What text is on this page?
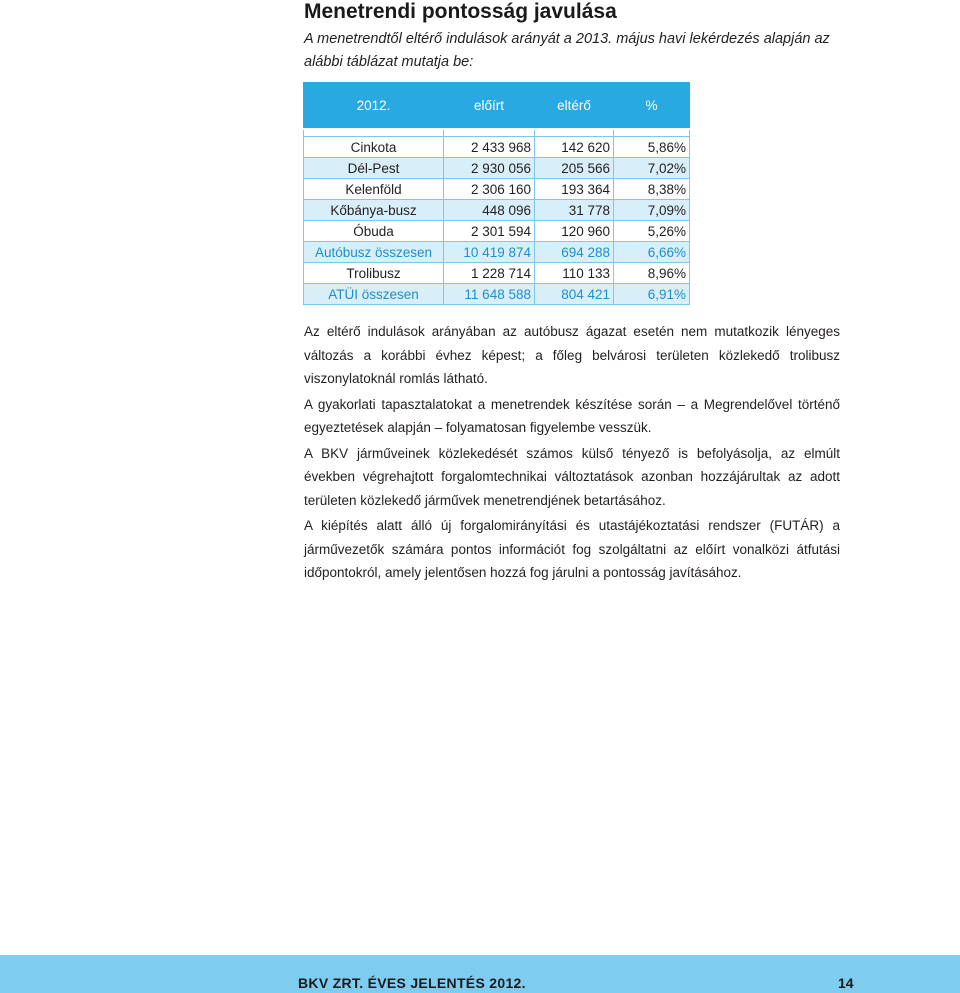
Menetrendi pontosság javulása

A menetrendtől eltérő indulások arányát a 2013. május havi lekérdezés alapján az alábbi táblázat mutatja be:

2012.	előírt	eltérő	%

Cinkota	2 433 968	142 620	5,86%
Dél-Pest	2 930 056	205 566	7,02%
Kelenföld	2 306 160	193 364	8,38%
Kőbánya-busz	448 096	31 778	7,09%
Óbuda	2 301 594	120 960	5,26%
Autóbusz összesen	10 419 874	694 288	6,66%
Trolibusz	1 228 714	110 133	8,96%
ATÜI összesen	11 648 588	804 421	6,91%

Az eltérő indulások arányában az autóbusz ágazat esetén nem mutatkozik lényeges változás a korábbi évhez képest; a főleg belvárosi területen közlekedő trolibusz viszonylatoknál romlás látható.

A gyakorlati tapasztalatokat a menetrendek készítése során – a Megrendelővel történő egyeztetések alapján – folyamatosan figyelembe vesszük.

A BKV járműveinek közlekedését számos külső tényező is befolyásolja, az elmúlt években végrehajtott forgalomtechnikai változtatások azonban hozzájárultak az adott területen közlekedő járművek menetrendjének betartásához.

A kiépítés alatt álló új forgalomirányítási és utastájékoztatási rendszer (FUTÁR) a járművezetők számára pontos információt fog szolgáltatni az előírt vonalközi átfutási időpontokról, amely jelentősen hozzá fog járulni a pontosság javításához.

BKV ZRT. ÉVES JELENTÉS 2012.	14
